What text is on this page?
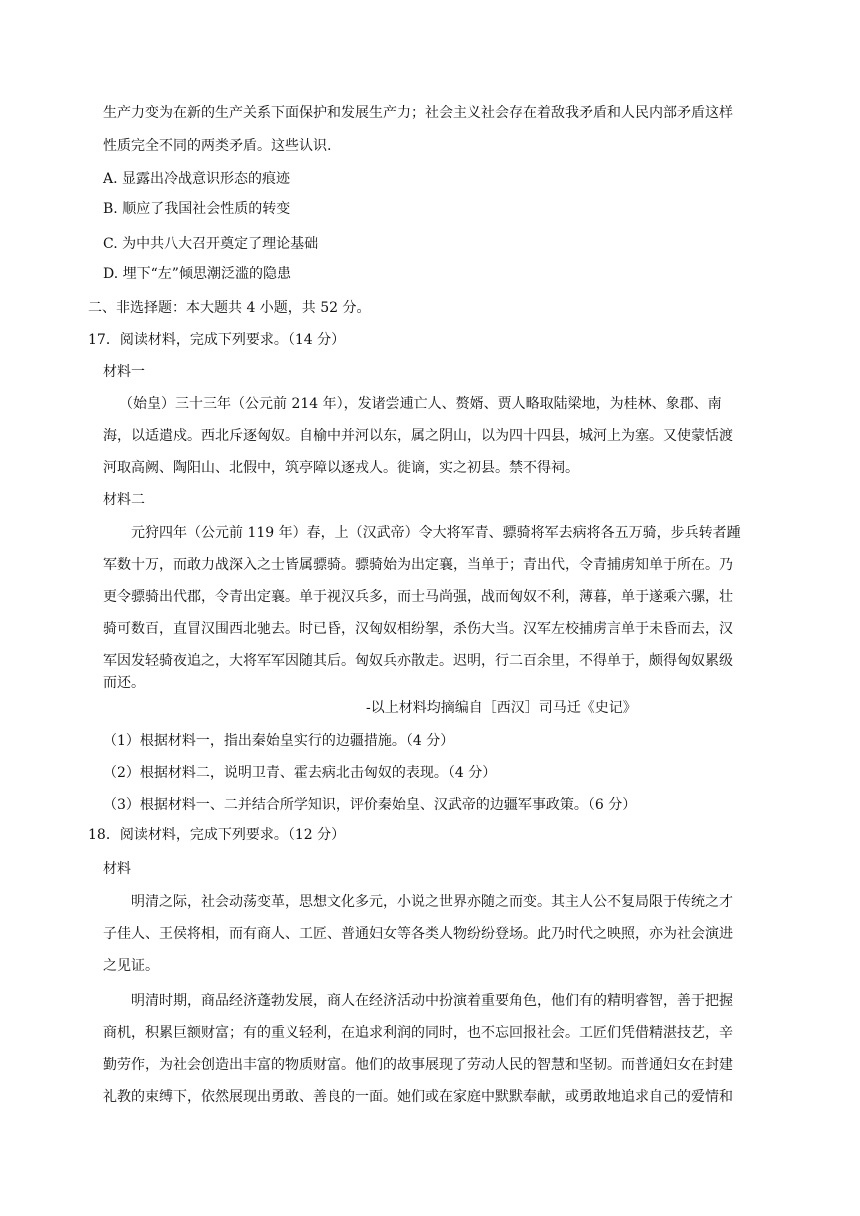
生产力变为在新的生产关系下面保护和发展生产力；社会主义社会存在着敌我矛盾和人民内部矛盾这样
性质完全不同的两类矛盾。这些认识.
A. 显露出冷战意识形态的痕迹
B. 顺应了我国社会性质的转变
C. 为中共八大召开奠定了理论基础
D. 埋下“左”倾思潮泛滥的隐患
二、非选择题：本大题共 4 小题，共 52 分。
17．阅读材料，完成下列要求。（14 分）
材料一
（始皇）三十三年（公元前 214 年），发诸尝逋亡人、赘婿、贾人略取陆梁地，为桂林、象郡、南
海，以适遣戍。西北斥逐匈奴。自榆中并河以东，属之阴山，以为四十四县，城河上为塞。又使蒙恬渡
河取高阙、陶阳山、北假中，筑亭障以逐戎人。徙谪，实之初县。禁不得祠。
材料二
元狩四年（公元前 119 年）春，上（汉武帝）令大将军青、骠骑将军去病将各五万骑，步兵转者踵
军数十万，而敢力战深入之士皆属骠骑。骠骑始为出定襄，当单于；青出代，令青捕虏知单于所在。乃
更令骠骑出代郡，令青出定襄。单于视汉兵多，而士马尚强，战而匈奴不利，薄暮，单于遂乘六骡，壮
骑可数百，直冒汉围西北驰去。时已昏，汉匈奴相纷挐，杀伤大当。汉军左校捕虏言单于未昏而去，汉
军因发轻骑夜追之，大将军军因随其后。匈奴兵亦散走。迟明，行二百余里，不得单于，颇得匈奴累级
而还。
-以上材料均摘编自［西汉］司马迁《史记》
（1）根据材料一，指出秦始皇实行的边疆措施。（4 分）
（2）根据材料二，说明卫青、霍去病北击匈奴的表现。（4 分）
（3）根据材料一、二并结合所学知识，评价秦始皇、汉武帝的边疆军事政策。（6 分）
18．阅读材料，完成下列要求。（12 分）
材料
明清之际，社会动荡变革，思想文化多元，小说之世界亦随之而变。其主人公不复局限于传统之才
子佳人、王侯将相，而有商人、工匠、普通妇女等各类人物纷纷登场。此乃时代之映照，亦为社会演进
之见证。
明清时期，商品经济蓬勃发展，商人在经济活动中扮演着重要角色，他们有的精明睿智，善于把握
商机，积累巨额财富；有的重义轻利，在追求利润的同时，也不忘回报社会。工匠们凭借精湛技艺，辛
勤劳作，为社会创造出丰富的物质财富。他们的故事展现了劳动人民的智慧和坚韧。而普通妇女在封建
礼教的束缚下，依然展现出勇敢、善良的一面。她们或在家庭中默默奉献，或勇敢地追求自己的爱情和
